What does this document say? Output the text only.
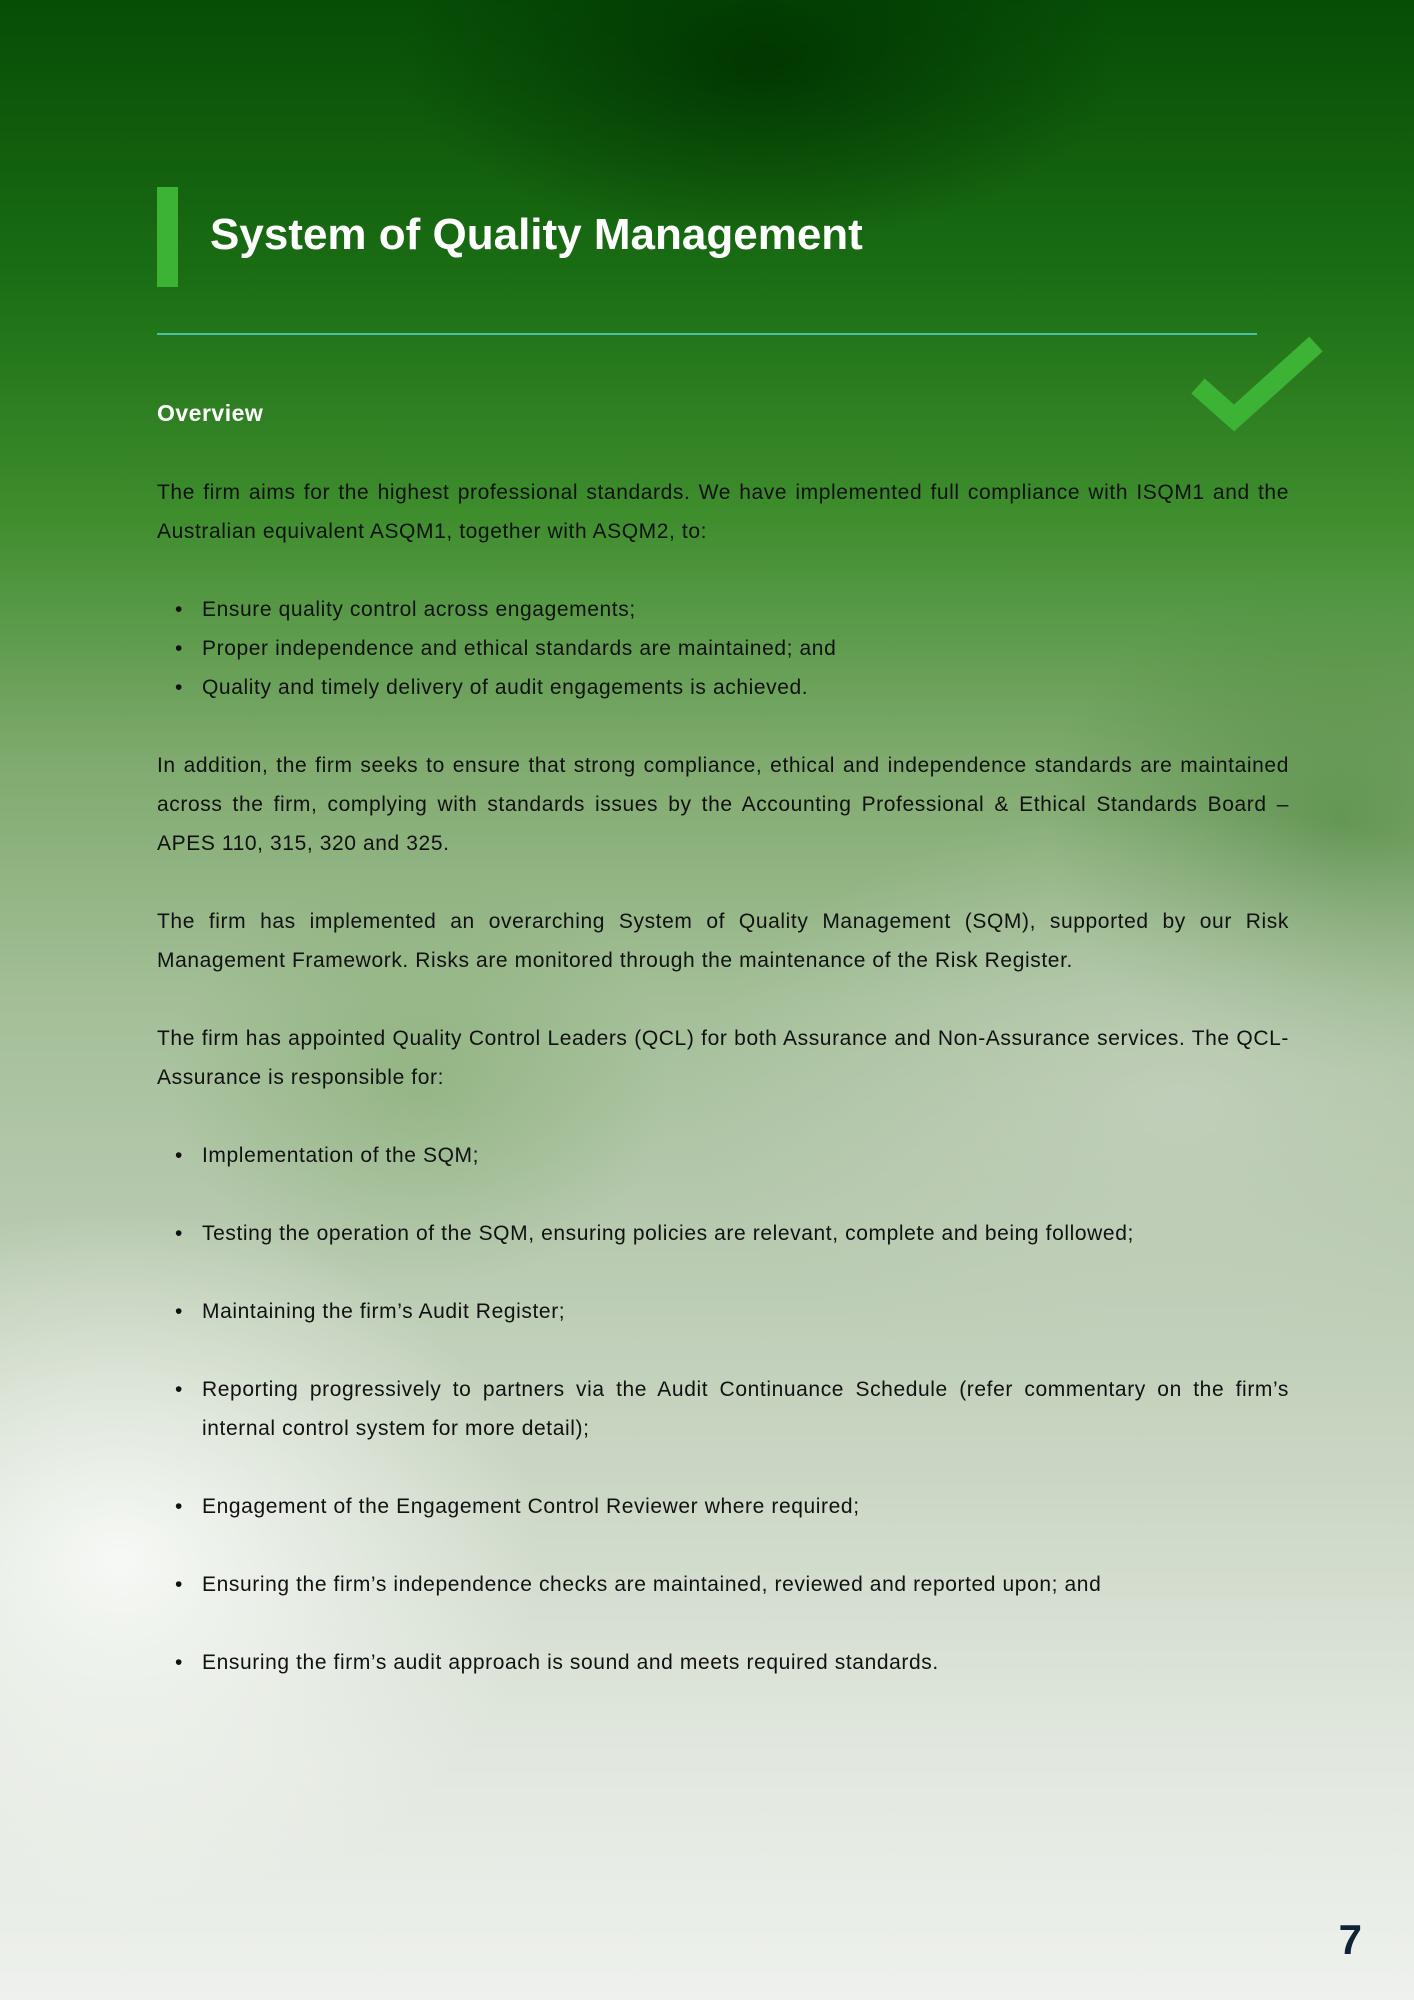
System of Quality Management
Overview

The firm aims for the highest professional standards. We have implemented full compliance with ISQM1 and the Australian equivalent ASQM1, together with ASQM2, to:

• Ensure quality control across engagements;
• Proper independence and ethical standards are maintained; and
• Quality and timely delivery of audit engagements is achieved.

In addition, the firm seeks to ensure that strong compliance, ethical and independence standards are maintained across the firm, complying with standards issues by the Accounting Professional & Ethical Standards Board – APES 110, 315, 320 and 325.

The firm has implemented an overarching System of Quality Management (SQM), supported by our Risk Management Framework. Risks are monitored through the maintenance of the Risk Register.

The firm has appointed Quality Control Leaders (QCL) for both Assurance and Non-Assurance services. The QCL-Assurance is responsible for:

• Implementation of the SQM;
• Testing the operation of the SQM, ensuring policies are relevant, complete and being followed;
• Maintaining the firm’s Audit Register;
• Reporting progressively to partners via the Audit Continuance Schedule (refer commentary on the firm’s internal control system for more detail);
• Engagement of the Engagement Control Reviewer where required;
• Ensuring the firm’s independence checks are maintained, reviewed and reported upon; and
• Ensuring the firm’s audit approach is sound and meets required standards.
7
